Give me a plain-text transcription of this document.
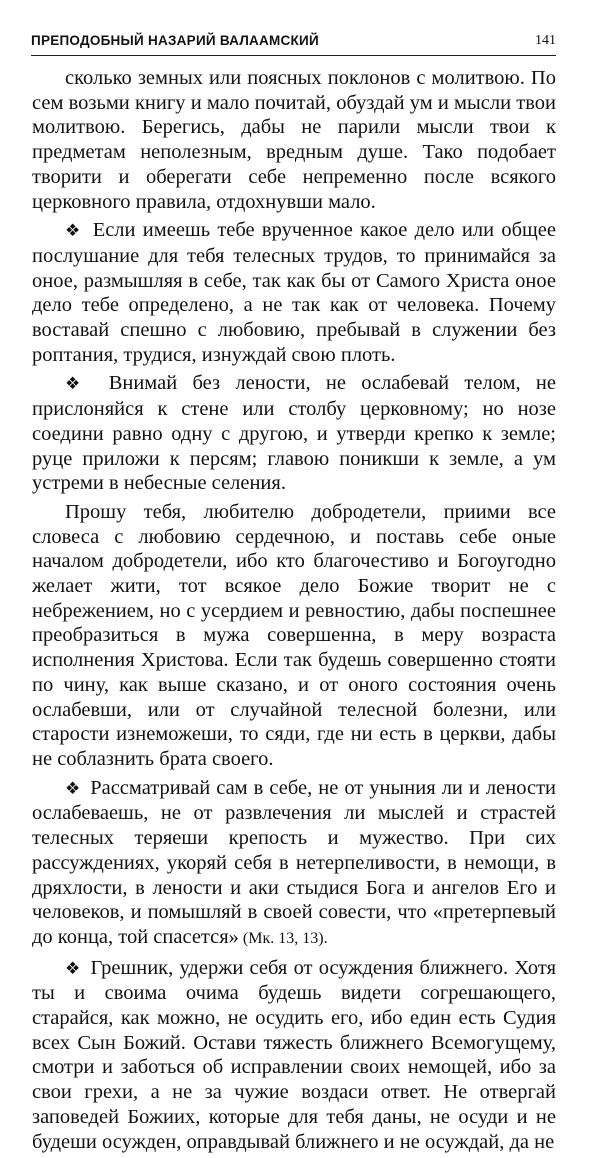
ПРЕПОДОБНЫЙ НАЗАРИЙ ВАЛААМСКИЙ	141

сколько земных или поясных поклонов с молитвою. По сем возьми книгу и мало почитай, обуздай ум и мысли твои молитвою. Берегись, дабы не парили мысли твои к предметам неполезным, вредным душе. Тако подобает творити и оберегати себе непременно после всякого церковного правила, отдохнувши мало.

❖ Если имеешь тебе врученное какое дело или общее послушание для тебя телесных трудов, то принимайся за оное, размышляя в себе, так как бы от Самого Христа оное дело тебе определено, а не так как от человека. Почему воставай спешно с любовию, пребывай в служении без роптания, трудися, изнуждай свою плоть.

❖ Внимай без лености, не ослабевай телом, не прислоняйся к стене или столбу церковному; но нозе соедини равно одну с другою, и утверди крепко к земле; руце приложи к персям; главою поникши к земле, а ум устреми в небесные селения.

Прошу тебя, любителю добродетели, приими все словеса с любовию сердечною, и поставь себе оные началом добродетели, ибо кто благочестиво и Богоугодно желает жити, тот всякое дело Божие творит не с небрежением, но с усердием и ревностию, дабы поспешнее преобразиться в мужа совершенна, в меру возраста исполнения Христова. Если так будешь совершенно стояти по чину, как выше сказано, и от оного состояния очень ослабевши, или от случайной телесной болезни, или старости изнеможеши, то сяди, где ни есть в церкви, дабы не соблазнить брата своего.

❖ Рассматривай сам в себе, не от уныния ли и лености ослабеваешь, не от развлечения ли мыслей и страстей телесных теряеши крепость и мужество. При сих рассуждениях, укоряй себя в нетерпеливости, в немощи, в дряхлости, в лености и аки стыдися Бога и ангелов Его и человеков, и помышляй в своей совести, что «претерпевый до конца, той спасется» (Мк. 13, 13).

❖ Грешник, удержи себя от осуждения ближнего. Хотя ты и своима очима будешь видети согрешающего, старайся, как можно, не осудить его, ибо един есть Судия всех Сын Божий. Остави тяжесть ближнего Всемогущему, смотри и заботься об исправлении своих немощей, ибо за свои грехи, а не за чужие воздаси ответ. Не отвергай заповедей Божиих, которые для тебя даны, не осуди и не будеши осужден, оправдывай ближнего и не осуждай, да не
